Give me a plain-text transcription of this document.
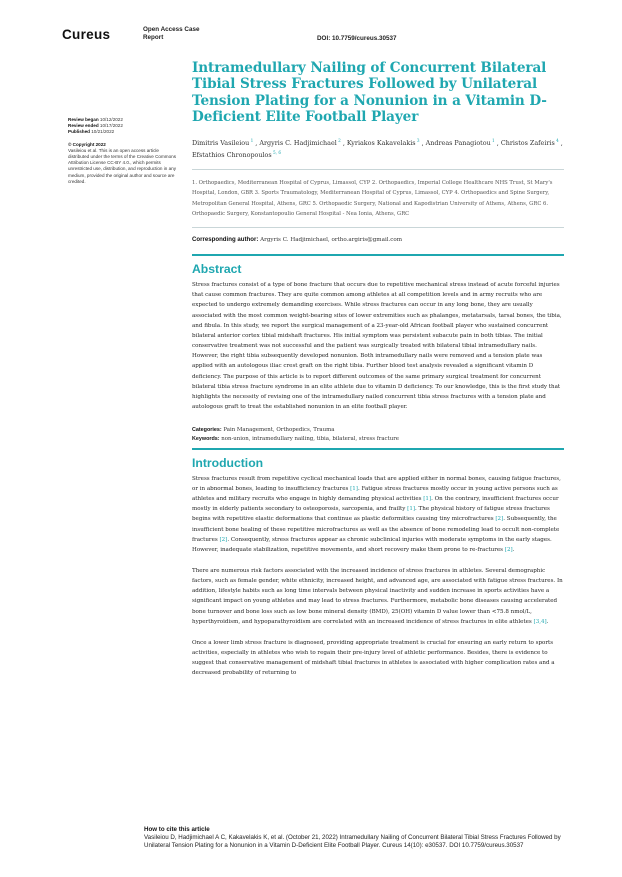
Cureus	Open Access Case
Report	DOI: 10.7759/cureus.30537
Review began 10/12/2022
Review ended 10/17/2022
Published 10/21/2022
© Copyright 2022
Vasileiou et al. This is an open access article distributed under the terms of the Creative Commons Attribution License CC-BY 4.0., which permits unrestricted use, distribution, and reproduction in any medium, provided the original author and source are credited.
Intramedullary Nailing of Concurrent Bilateral Tibial Stress Fractures Followed by Unilateral Tension Plating for a Nonunion in a Vitamin D-Deficient Elite Football Player
Dimitris Vasileiou $^1$ , Argyris C. Hadjimichael $^2$ , Kyriakos Kakavelakis $^3$ , Andreas Panagiotou $^1$ , Christos Zafeiris $^4$ , Efstathios Chronopoulos $^{5, 6}$
1. Orthopaedics, Mediterranean Hospital of Cyprus, Limassol, CYP 2. Orthopaedics, Imperial College Healthcare NHS Trust, St Mary's Hospital, London, GBR 3. Sports Traumatology, Mediterranean Hospital of Cyprus, Limassol, CYP 4. Orthopaedics and Spine Surgery, Metropolitan General Hospital, Athens, GRC 5. Orthopaedic Surgery, National and Kapodistrian University of Athens, Athens, GRC 6. Orthopaedic Surgery, Konstantopoulio General Hospital - Nea Ionia, Athens, GRC
Corresponding author: Argyris C. Hadjimichael, ortho.argiris@gmail.com
Abstract

Stress fractures consist of a type of bone fracture that occurs due to repetitive mechanical stress instead of acute forceful injuries that cause common fractures. They are quite common among athletes at all competition levels and in army recruits who are expected to undergo extremely demanding exercises. While stress fractures can occur in any long bone, they are usually associated with the most common weight-bearing sites of lower extremities such as phalanges, metatarsals, tarsal bones, the tibia, and fibula. In this study, we report the surgical management of a 23-year-old African football player who sustained concurrent bilateral anterior cortex tibial midshaft fractures. His initial symptom was persistent subacute pain in both tibias. The initial conservative treatment was not successful and the patient was surgically treated with bilateral tibial intramedullary nails. However, the right tibia subsequently developed nonunion. Both intramedullary nails were removed and a tension plate was applied with an autologous iliac crest graft on the right tibia. Further blood test analysis revealed a significant vitamin D deficiency. The purpose of this article is to report different outcomes of the same primary surgical treatment for concurrent bilateral tibia stress fracture syndrome in an elite athlete due to vitamin D deficiency. To our knowledge, this is the first study that highlights the necessity of revising one of the intramedullary nailed concurrent tibia stress fractures with a tension plate and autologous graft to treat the established nonunion in an elite football player.

Categories: Pain Management, Orthopedics, Trauma
Keywords: non-union, intramedullary nailing, tibia, bilateral, stress fracture
Introduction

Stress fractures result from repetitive cyclical mechanical loads that are applied either in normal bones, causing fatigue fractures, or in abnormal bones, leading to insufficiency fractures [1]. Fatigue stress fractures mostly occur in young active persons such as athletes and military recruits who engage in highly demanding physical activities [1]. On the contrary, insufficient fractures occur mostly in elderly patients secondary to osteoporosis, sarcopenia, and frailty [1]. The physical history of fatigue stress fractures begins with repetitive elastic deformations that continue as plastic deformities causing tiny microfractures [2]. Subsequently, the insufficient bone healing of these repetitive microfractures as well as the absence of bone remodeling lead to occult non-complete fractures [2]. Consequently, stress fractures appear as chronic subclinical injuries with moderate symptoms in the early stages. However, inadequate stabilization, repetitive movements, and short recovery make them prone to re-fractures [2].

There are numerous risk factors associated with the increased incidence of stress fractures in athletes. Several demographic factors, such as female gender, white ethnicity, increased height, and advanced age, are associated with fatigue stress fractures. In addition, lifestyle habits such as long time intervals between physical inactivity and sudden increase in sports activities have a significant impact on young athletes and may lead to stress fractures. Furthermore, metabolic bone diseases causing accelerated bone turnover and bone loss such as low bone mineral density (BMD), 25(OH) vitamin D value lower than <75.8 nmol/L, hyperthyroidism, and hypoparathyroidism are correlated with an increased incidence of stress fractures in elite athletes [3,4].

Once a lower limb stress fracture is diagnosed, providing appropriate treatment is crucial for ensuring an early return to sports activities, especially in athletes who wish to regain their pre-injury level of athletic performance. Besides, there is evidence to suggest that conservative management of midshaft tibial fractures in athletes is associated with higher complication rates and a decreased probability of returning to

How to cite this article
Vasileiou D, Hadjimichael A C, Kakavelakis K, et al. (October 21, 2022) Intramedullary Nailing of Concurrent Bilateral Tibial Stress Fractures Followed by Unilateral Tension Plating for a Nonunion in a Vitamin D-Deficient Elite Football Player. Cureus 14(10): e30537. DOI 10.7759/cureus.30537
